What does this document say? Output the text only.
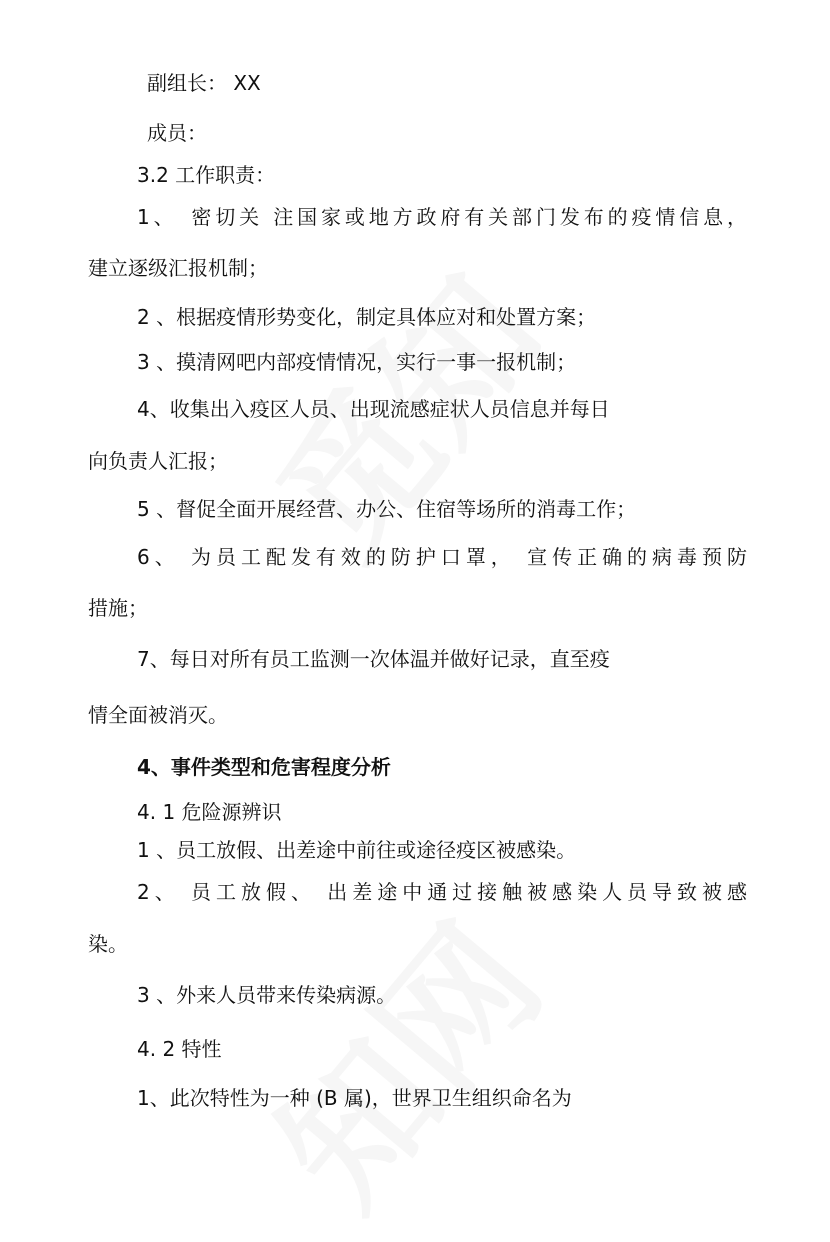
副组长： XX
成员：
3.2 工作职责：
1、　密切关 注国家或地方政府有关部门发布的疫情信息，
建立逐级汇报机制；
2 、根据疫情形势变化，制定具体应对和处置方案；
3 、摸清网吧内部疫情情况，实行一事一报机制；
4、收集出入疫区人员、出现流感症状人员信息并每日
向负责人汇报；
5 、督促全面开展经营、办公、住宿等场所的消毒工作；
6、 为员工配发有效的防护口罩， 宣传正确的病毒预防
措施；
7、每日对所有员工监测一次体温并做好记录，直至疫
情全面被消灭。
4、事件类型和危害程度分析
4. 1 危险源辨识
1 、员工放假、出差途中前往或途径疫区被感染。
2、 员工放假、 出差途中通过接触被感染人员导致被感
染。
3 、外来人员带来传染病源。
4. 2 特性
1、此次特性为一种 (B 属)，世界卫生组织命名为
